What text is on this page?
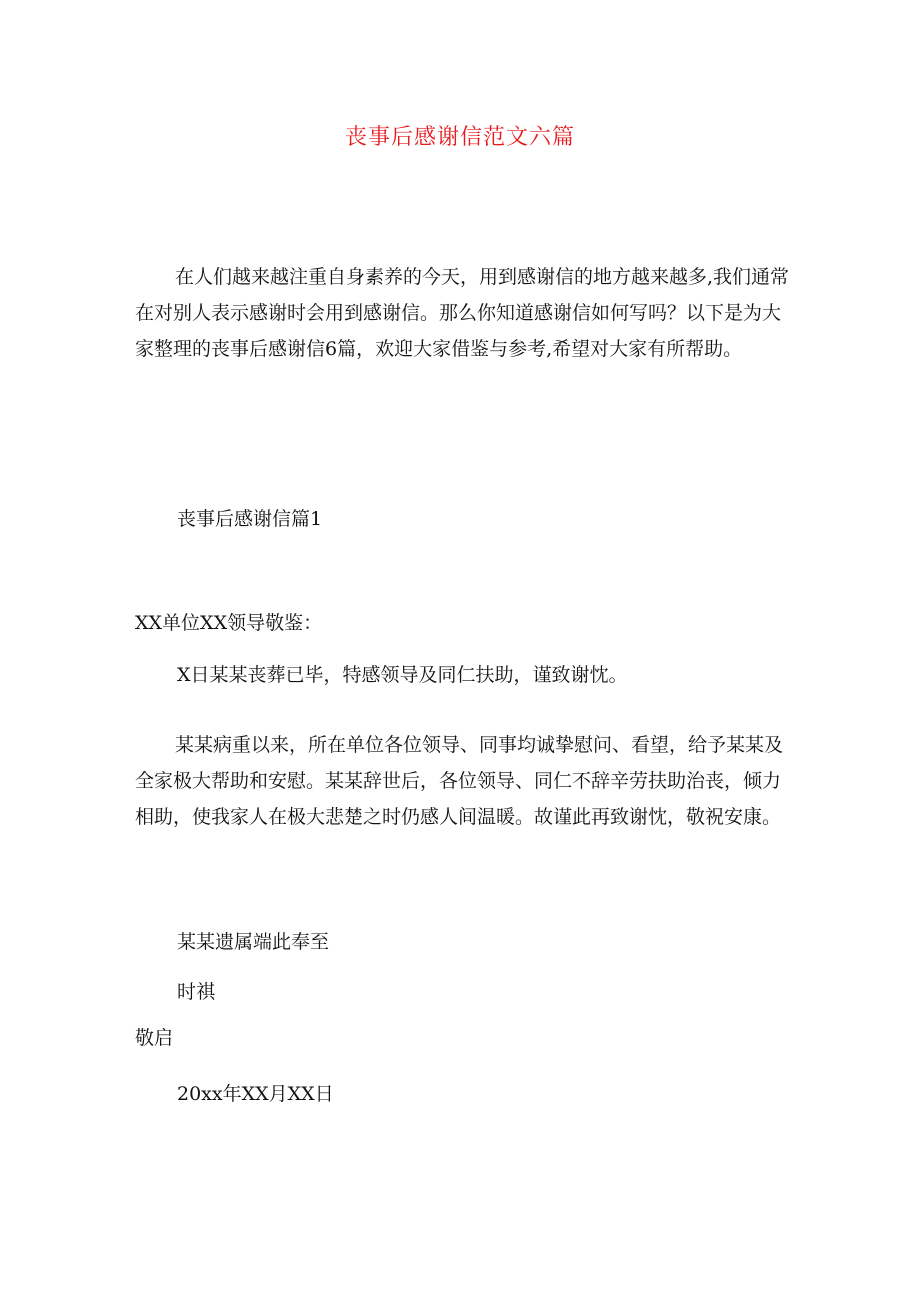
丧事后感谢信范文六篇

在人们越来越注重自身素养的今天，用到感谢信的地方越来越多,我们通常在对别人表示感谢时会用到感谢信。那么你知道感谢信如何写吗？以下是为大家整理的丧事后感谢信6篇，欢迎大家借鉴与参考,希望对大家有所帮助。

丧事后感谢信篇1

XX单位XX领导敬鉴：

X日某某丧葬已毕，特感领导及同仁扶助，谨致谢忱。

某某病重以来，所在单位各位领导、同事均诚挚慰问、看望，给予某某及全家极大帮助和安慰。某某辞世后，各位领导、同仁不辞辛劳扶助治丧，倾力相助，使我家人在极大悲楚之时仍感人间温暖。故谨此再致谢忱，敬祝安康。

某某遗属端此奉至

时祺

敬启

20xx年XX月XX日
